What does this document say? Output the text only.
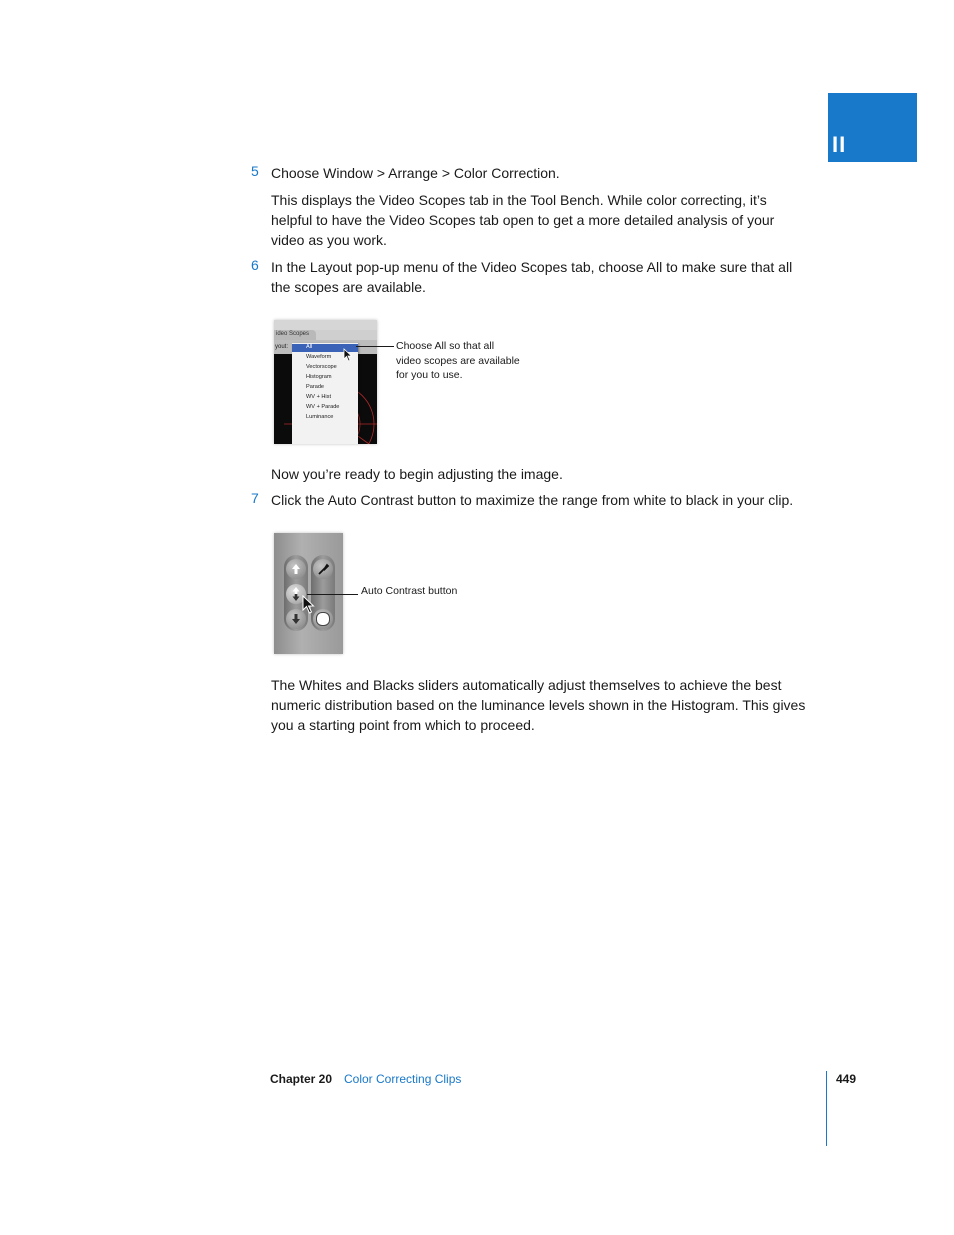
II
5 Choose Window > Arrange > Color Correction.
This displays the Video Scopes tab in the Tool Bench. While color correcting, it’s
helpful to have the Video Scopes tab open to get a more detailed analysis of your
video as you work.
6 In the Layout pop-up menu of the Video Scopes tab, choose All to make sure that all
the scopes are available.
ideo Scopes
yout:	All
Waveform
Vectorscope
Histogram
Parade
WV + Hist
WV + Parade
Luminance
Choose All so that all
video scopes are available
for you to use.
Now you’re ready to begin adjusting the image.
7 Click the Auto Contrast button to maximize the range from white to black in your clip.
Auto Contrast button
The Whites and Blacks sliders automatically adjust themselves to achieve the best
numeric distribution based on the luminance levels shown in the Histogram. This gives
you a starting point from which to proceed.
Chapter 20 Color Correcting Clips	449
